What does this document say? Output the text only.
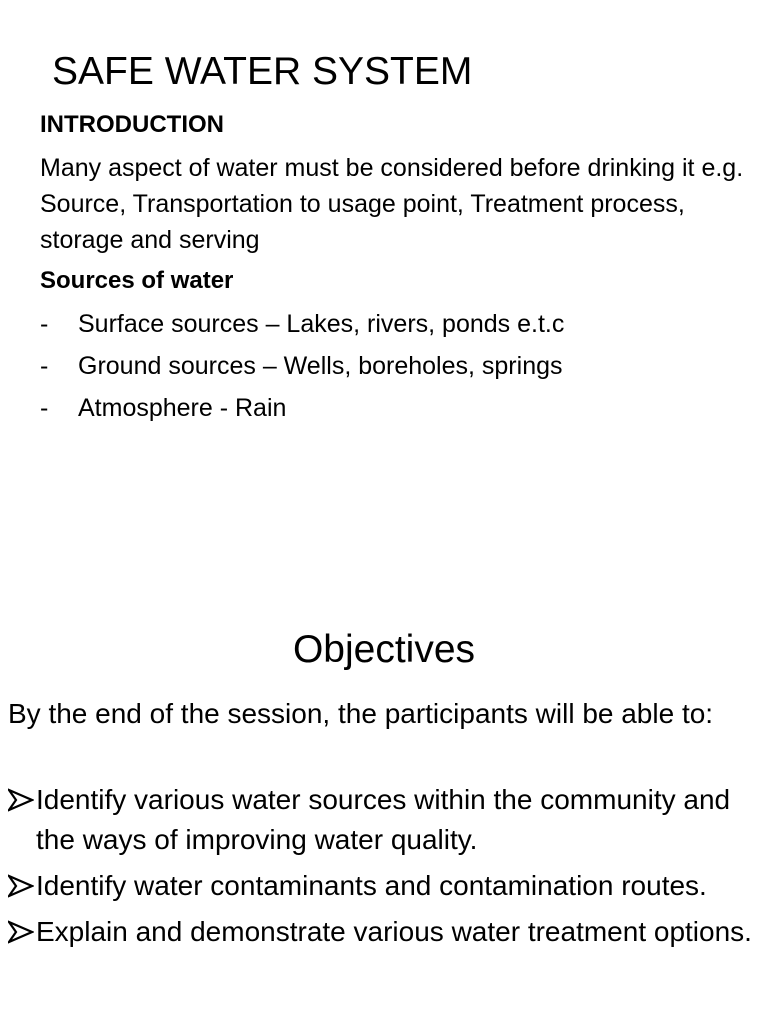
SAFE WATER SYSTEM
INTRODUCTION

Many aspect of water must be considered before drinking it e.g. Source, Transportation to usage point, Treatment process, storage and serving

Sources of water
- Surface sources – Lakes, rivers, ponds e.t.c
- Ground sources – Wells, boreholes, springs
- Atmosphere - Rain
Objectives

By the end of the session, the participants will be able to:

Identify various water sources within the community and the ways of improving water quality.
Identify water contaminants and contamination routes.
Explain and demonstrate various water treatment options.
